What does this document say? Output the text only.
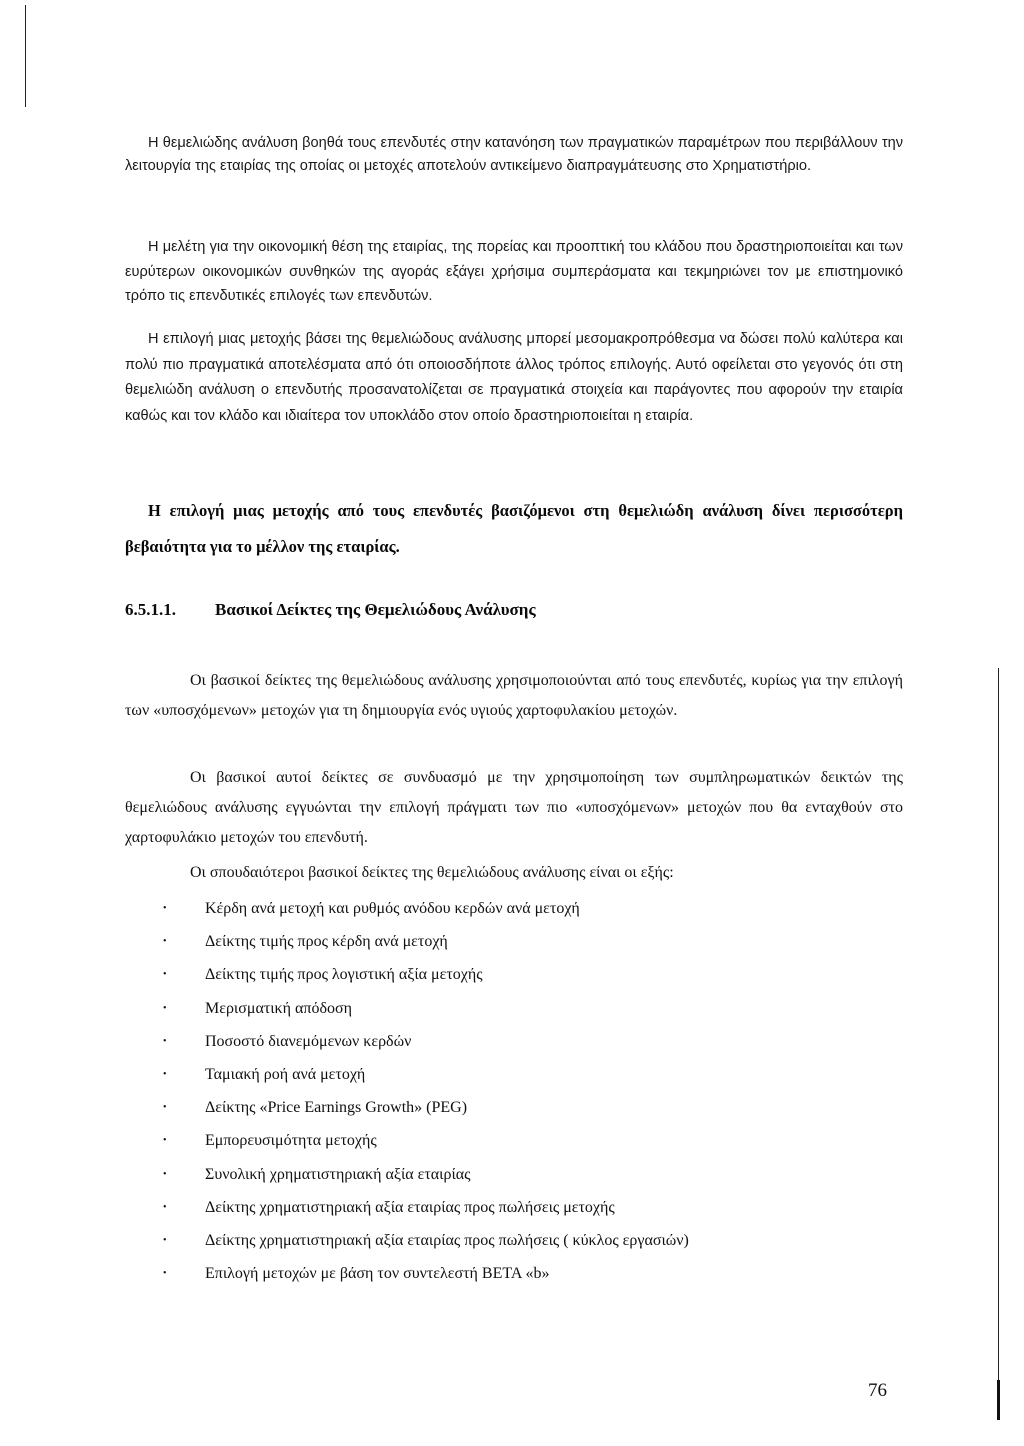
Η θεμελιώδης ανάλυση βοηθά τους επενδυτές στην κατανόηση των πραγματικών παραμέτρων που περιβάλλουν την λειτουργία της εταιρίας της οποίας οι μετοχές αποτελούν αντικείμενο διαπραγμάτευσης στο Χρηματιστήριο.

Η μελέτη για την οικονομική θέση της εταιρίας, της πορείας και προοπτική του κλάδου που δραστηριοποιείται και των ευρύτερων οικονομικών συνθηκών της αγοράς εξάγει χρήσιμα συμπεράσματα και τεκμηριώνει τον με επιστημονικό τρόπο τις επενδυτικές επιλογές των επενδυτών.

Η επιλογή μιας μετοχής βάσει της θεμελιώδους ανάλυσης μπορεί μεσομακροπρόθεσμα να δώσει πολύ καλύτερα και πολύ πιο πραγματικά αποτελέσματα από ότι οποιοσδήποτε άλλος τρόπος επιλογής. Αυτό οφείλεται στο γεγονός ότι στη θεμελιώδη ανάλυση ο επενδυτής προσανατολίζεται σε πραγματικά στοιχεία και παράγοντες που αφορούν την εταιρία καθώς και τον κλάδο και ιδιαίτερα τον υποκλάδο στον οποίο δραστηριοποιείται η εταιρία.

Η επιλογή μιας μετοχής από τους επενδυτές βασιζόμενοι στη θεμελιώδη ανάλυση δίνει περισσότερη βεβαιότητα για το μέλλον της εταιρίας.

6.5.1.1. Βασικοί Δείκτες της Θεμελιώδους Ανάλυσης

Οι βασικοί δείκτες της θεμελιώδους ανάλυσης χρησιμοποιούνται από τους επενδυτές, κυρίως για την επιλογή των «υποσχόμενων» μετοχών για τη δημιουργία ενός υγιούς χαρτοφυλακίου μετοχών.

Οι βασικοί αυτοί δείκτες σε συνδυασμό με την χρησιμοποίηση των συμπληρωματικών δεικτών της θεμελιώδους ανάλυσης εγγυώνται την επιλογή πράγματι των πιο «υποσχόμενων» μετοχών που θα ενταχθούν στο χαρτοφυλάκιο μετοχών του επενδυτή.

Οι σπουδαιότεροι βασικοί δείκτες της θεμελιώδους ανάλυσης είναι οι εξής:

• Κέρδη ανά μετοχή και ρυθμός ανόδου κερδών ανά μετοχή
• Δείκτης τιμής προς κέρδη ανά μετοχή
• Δείκτης τιμής προς λογιστική αξία μετοχής
• Μερισματική απόδοση
• Ποσοστό διανεμόμενων κερδών
• Ταμιακή ροή ανά μετοχή
• Δείκτης «Price Earnings Growth» (PEG)
• Εμπορευσιμότητα μετοχής
• Συνολική χρηματιστηριακή αξία εταιρίας
• Δείκτης χρηματιστηριακή αξία εταιρίας προς πωλήσεις μετοχής
• Δείκτης χρηματιστηριακή αξία εταιρίας προς πωλήσεις ( κύκλος εργασιών)
• Επιλογή μετοχών με βάση τον συντελεστή ΒΕΤΑ «b»

76
